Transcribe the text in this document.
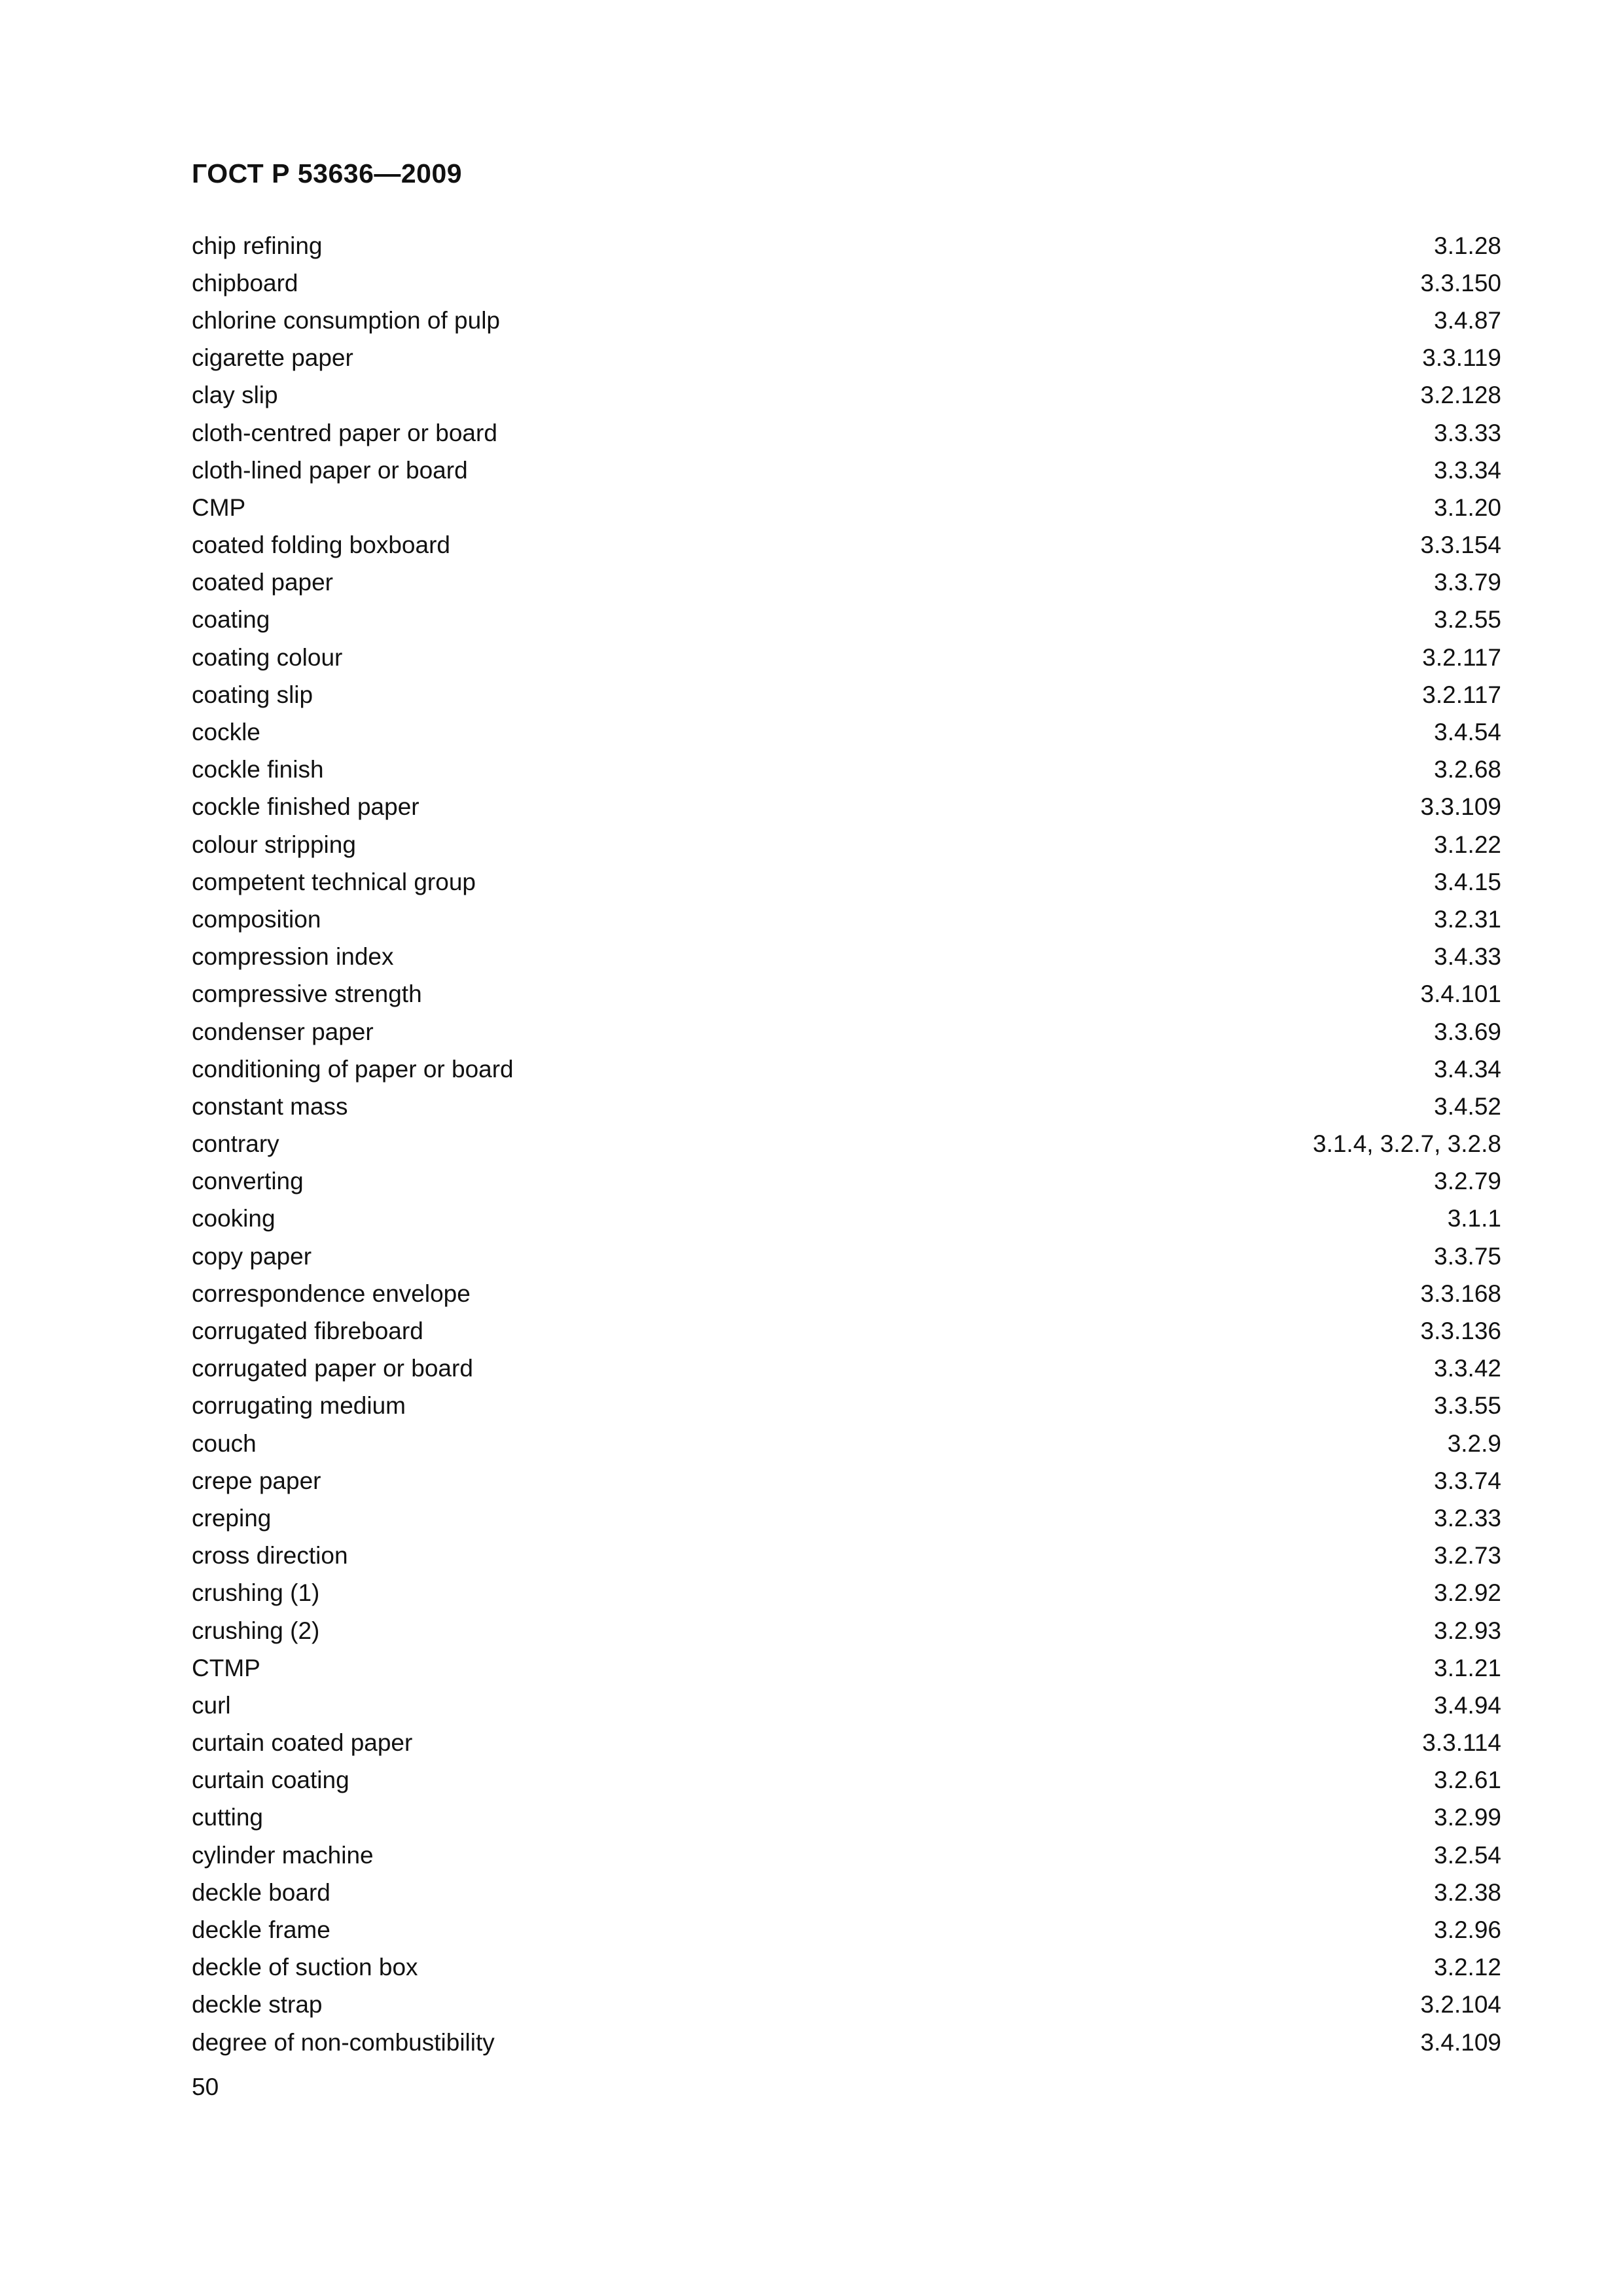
ГОСТ Р 53636—2009
chip refining	3.1.28
chipboard	3.3.150
chlorine consumption of pulp	3.4.87
cigarette paper	3.3.119
clay slip	3.2.128
cloth-centred paper or board	3.3.33
cloth-lined paper or board	3.3.34
CMP	3.1.20
coated folding boxboard	3.3.154
coated paper	3.3.79
coating	3.2.55
coating colour	3.2.117
coating slip	3.2.117
cockle	3.4.54
cockle finish	3.2.68
cockle finished paper	3.3.109
colour stripping	3.1.22
competent technical group	3.4.15
composition	3.2.31
compression index	3.4.33
compressive strength	3.4.101
condenser paper	3.3.69
conditioning of paper or board	3.4.34
constant mass	3.4.52
contrary	3.1.4, 3.2.7, 3.2.8
converting	3.2.79
cooking	3.1.1
copy paper	3.3.75
correspondence envelope	3.3.168
corrugated fibreboard	3.3.136
corrugated paper or board	3.3.42
corrugating medium	3.3.55
couch	3.2.9
crepe paper	3.3.74
creping	3.2.33
cross direction	3.2.73
crushing (1)	3.2.92
crushing (2)	3.2.93
CTMP	3.1.21
curl	3.4.94
curtain coated paper	3.3.114
curtain coating	3.2.61
cutting	3.2.99
cylinder machine	3.2.54
deckle board	3.2.38
deckle frame	3.2.96
deckle of suction box	3.2.12
deckle strap	3.2.104
degree of non-combustibility	3.4.109
50
